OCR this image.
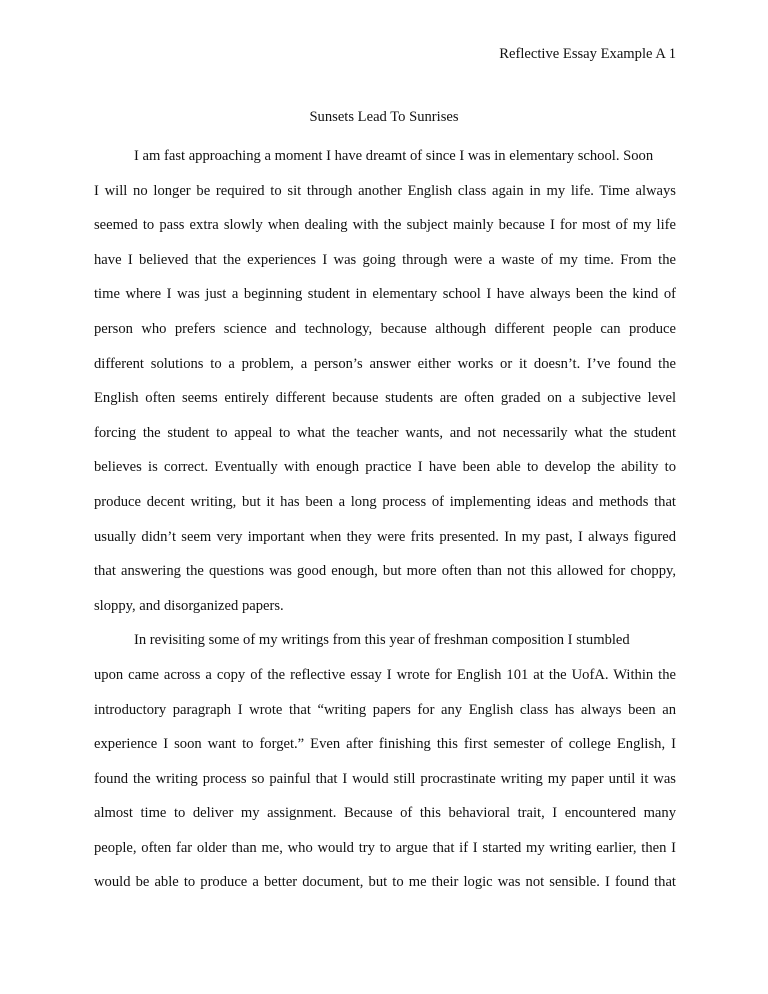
Reflective Essay Example A 1
Sunsets Lead To Sunrises
I am fast approaching a moment I have dreamt of since I was in elementary school. Soon
I will no longer be required to sit through another English class again in my life. Time always
seemed to pass extra slowly when dealing with the subject mainly because I for most of my life
have I believed that the experiences I was going through were a waste of my time. From the
time where I was just a beginning student in elementary school I have always been the kind of
person who prefers science and technology, because although different people can produce
different solutions to a problem, a person’s answer either works or it doesn’t. I’ve found the
English often seems entirely different because students are often graded on a subjective level
forcing the student to appeal to what the teacher wants, and not necessarily what the student
believes is correct. Eventually with enough practice I have been able to develop the ability to
produce decent writing, but it has been a long process of implementing ideas and methods that
usually didn’t seem very important when they were frits presented. In my past, I always figured
that answering the questions was good enough, but more often than not this allowed for choppy,
sloppy, and disorganized papers.
In revisiting some of my writings from this year of freshman composition I stumbled
upon came across a copy of the reflective essay I wrote for English 101 at the UofA. Within the
introductory paragraph I wrote that “writing papers for any English class has always been an
experience I soon want to forget.” Even after finishing this first semester of college English, I
found the writing process so painful that I would still procrastinate writing my paper until it was
almost time to deliver my assignment. Because of this behavioral trait, I encountered many
people, often far older than me, who would try to argue that if I started my writing earlier, then I
would be able to produce a better document, but to me their logic was not sensible. I found that
